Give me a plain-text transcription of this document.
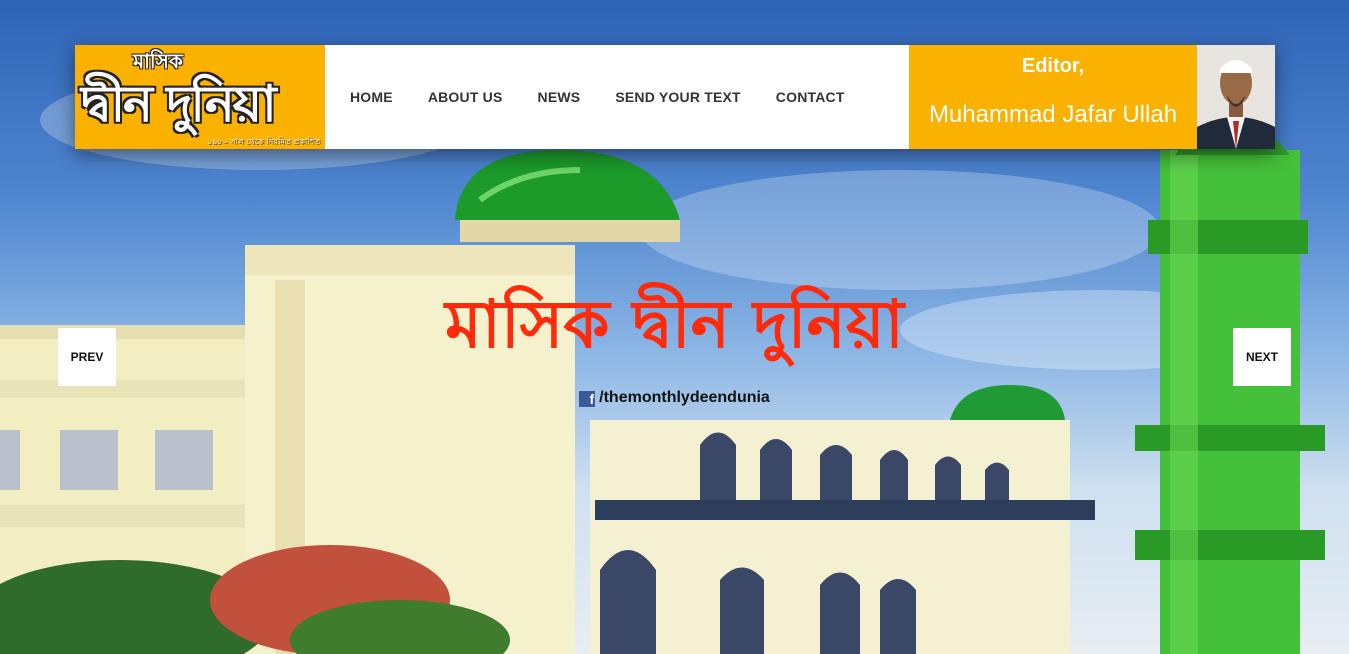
মাসিক
দ্বীন দুনিয়া
১৯৮০ সাল থেকে নিয়মিত প্রকাশিত
HOME	ABOUT US	NEWS	SEND YOUR TEXT	CONTACT
Editor,
Muhammad Jafar Ullah
মাসিক দ্বীন দুনিয়া
f /themonthlydeendunia
PREV	NEXT
